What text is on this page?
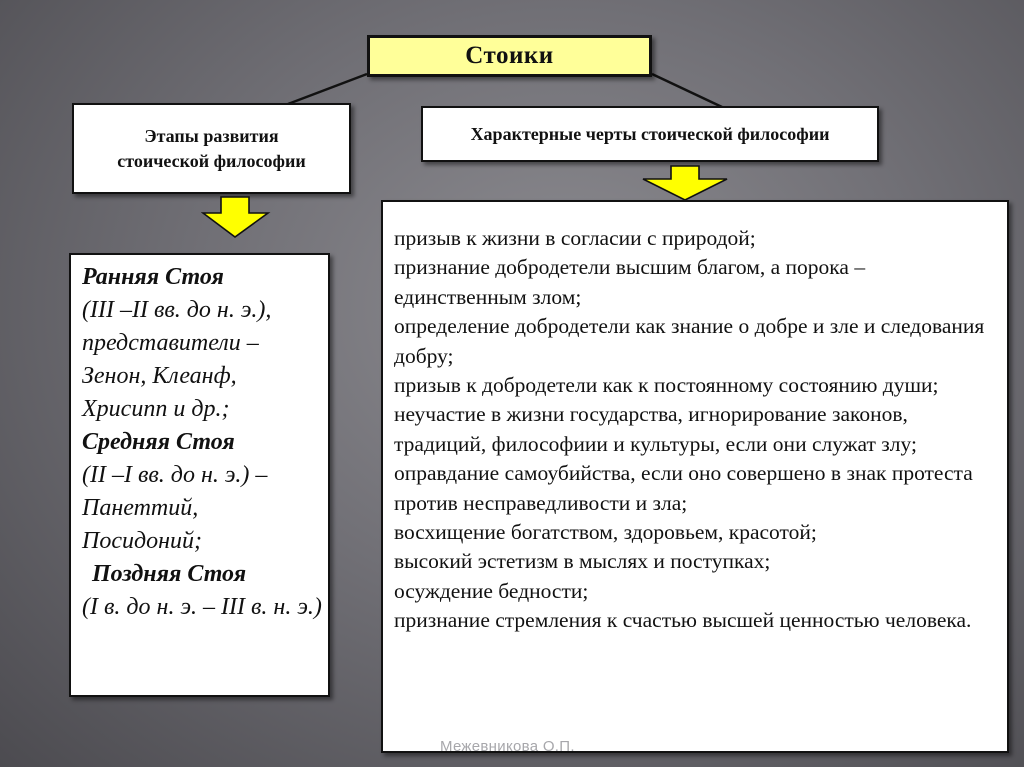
Стоики
Этапы развития стоической философии
Характерные черты стоической философии
Ранняя Стоя
(III –II вв. до н. э.), представители – Зенон, Клеанф, Хрисипп и др.;
Средняя Стоя
(II –I вв. до н. э.) – Панеттий, Посидоний;
Поздняя Стоя
(I в. до н. э. – III в. н. э.)
призыв к жизни в согласии с природой;
признание добродетели высшим благом, а порока – единственным злом;
определение добродетели как знание о добре и зле и следования добру;
призыв к добродетели как к постоянному состоянию души;
неучастие в жизни государства, игнорирование законов, традиций, философиии и культуры, если они служат злу;
оправдание самоубийства, если оно совершено в знак протеста против несправедливости и зла;
восхищение богатством, здоровьем, красотой;
высокий эстетизм в мыслях и поступках;
осуждение бедности;
признание стремления к счастью высшей ценностью человека.
Межевникова О.П.
